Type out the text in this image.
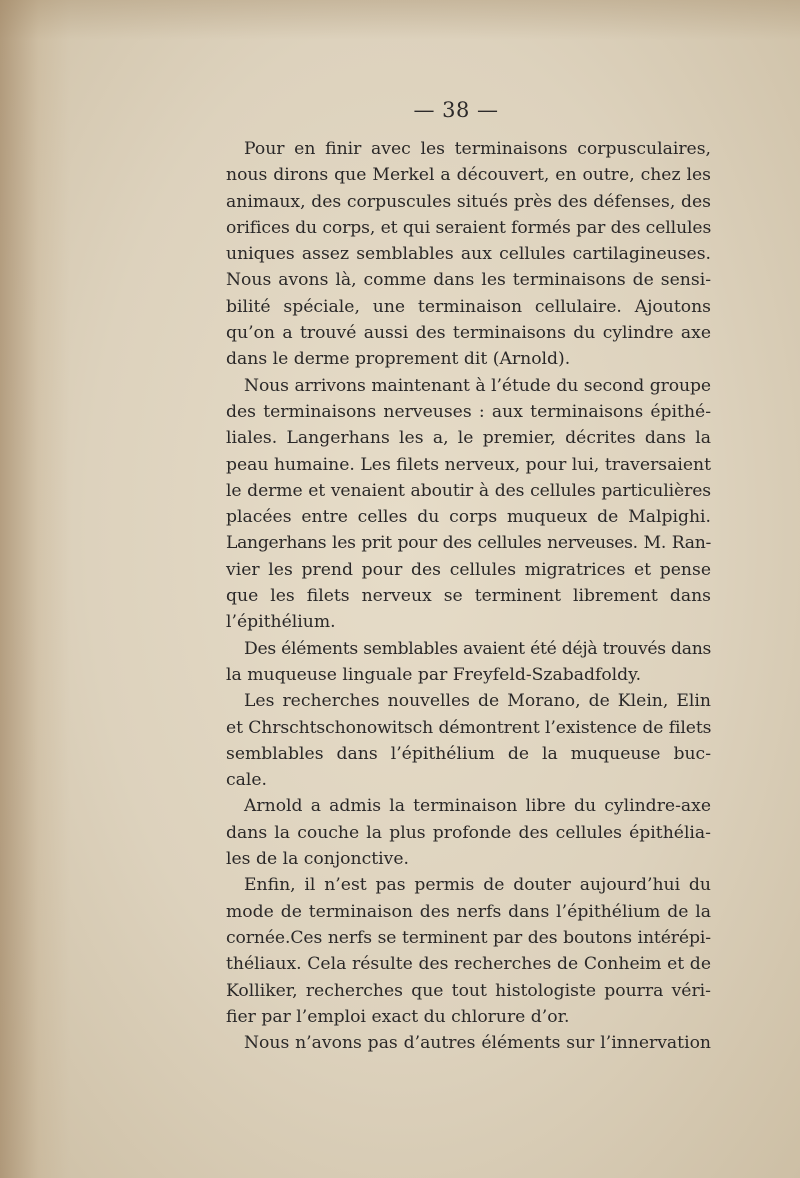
— 38 —
Pour en finir avec les terminaisons corpusculaires,
nous dirons que Merkel a découvert, en outre, chez les
animaux, des corpuscules situés près des défenses, des
orifices du corps, et qui seraient formés par des cellules
uniques assez semblables aux cellules cartilagineuses.
Nous avons là, comme dans les terminaisons de sensi-
bilité spéciale, une terminaison cellulaire. Ajoutons
qu’on a trouvé aussi des terminaisons du cylindre axe
dans le derme proprement dit (Arnold).
Nous arrivons maintenant à l’étude du second groupe
des terminaisons nerveuses : aux terminaisons épithé-
liales. Langerhans les a, le premier, décrites dans la
peau humaine. Les filets nerveux, pour lui, traversaient
le derme et venaient aboutir à des cellules particulières
placées entre celles du corps muqueux de Malpighi.
Langerhans les prit pour des cellules nerveuses. M. Ran-
vier les prend pour des cellules migratrices et pense
que les filets nerveux se terminent librement dans
l’épithélium.
Des éléments semblables avaient été déjà trouvés dans
la muqueuse linguale par Freyfeld-Szabadfoldy.
Les recherches nouvelles de Morano, de Klein, Elin
et Chrschtschonowitsch démontrent l’existence de filets
semblables dans l’épithélium de la muqueuse buc-
cale.
Arnold a admis la terminaison libre du cylindre-axe
dans la couche la plus profonde des cellules épithélia-
les de la conjonctive.
Enfin, il n’est pas permis de douter aujourd’hui du
mode de terminaison des nerfs dans l’épithélium de la
cornée.Ces nerfs se terminent par des boutons intérépi-
théliaux. Cela résulte des recherches de Conheim et de
Kolliker, recherches que tout histologiste pourra véri-
fier par l’emploi exact du chlorure d’or.
Nous n’avons pas d’autres éléments sur l’innervation
